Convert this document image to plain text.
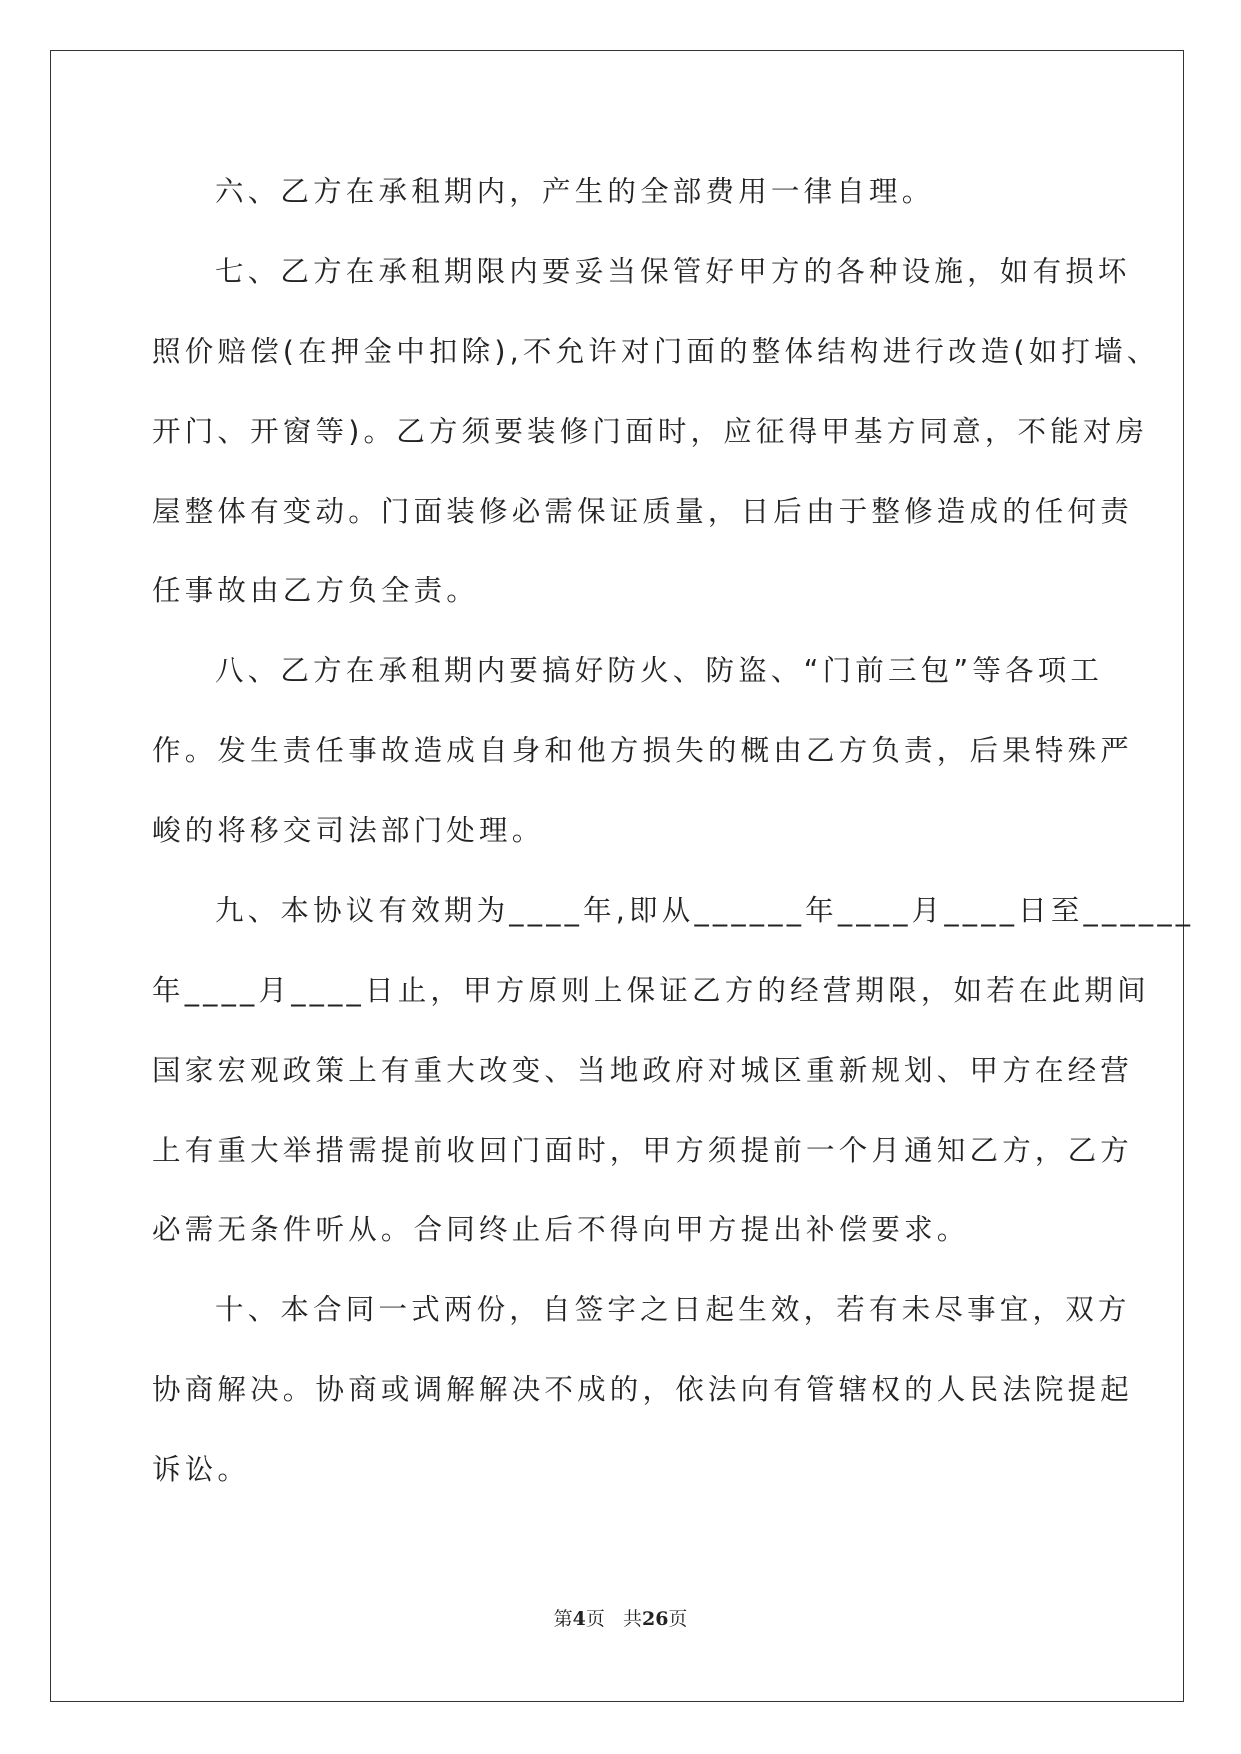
六、乙方在承租期内，产生的全部费用一律自理。

七、乙方在承租期限内要妥当保管好甲方的各种设施，如有损坏

照价赔偿(在押金中扣除),不允许对门面的整体结构进行改造(如打墙、

开门、开窗等)。乙方须要装修门面时，应征得甲基方同意，不能对房

屋整体有变动。门面装修必需保证质量，日后由于整修造成的任何责

任事故由乙方负全责。

八、乙方在承租期内要搞好防火、防盗、“门前三包”等各项工

作。发生责任事故造成自身和他方损失的概由乙方负责，后果特殊严

峻的将移交司法部门处理。

九、本协议有效期为____年,即从______年____月____日至______

年____月____日止，甲方原则上保证乙方的经营期限，如若在此期间

国家宏观政策上有重大改变、当地政府对城区重新规划、甲方在经营

上有重大举措需提前收回门面时，甲方须提前一个月通知乙方，乙方

必需无条件听从。合同终止后不得向甲方提出补偿要求。

十、本合同一式两份，自签字之日起生效，若有未尽事宜，双方

协商解决。协商或调解解决不成的，依法向有管辖权的人民法院提起

诉讼。

第4页 共26页
